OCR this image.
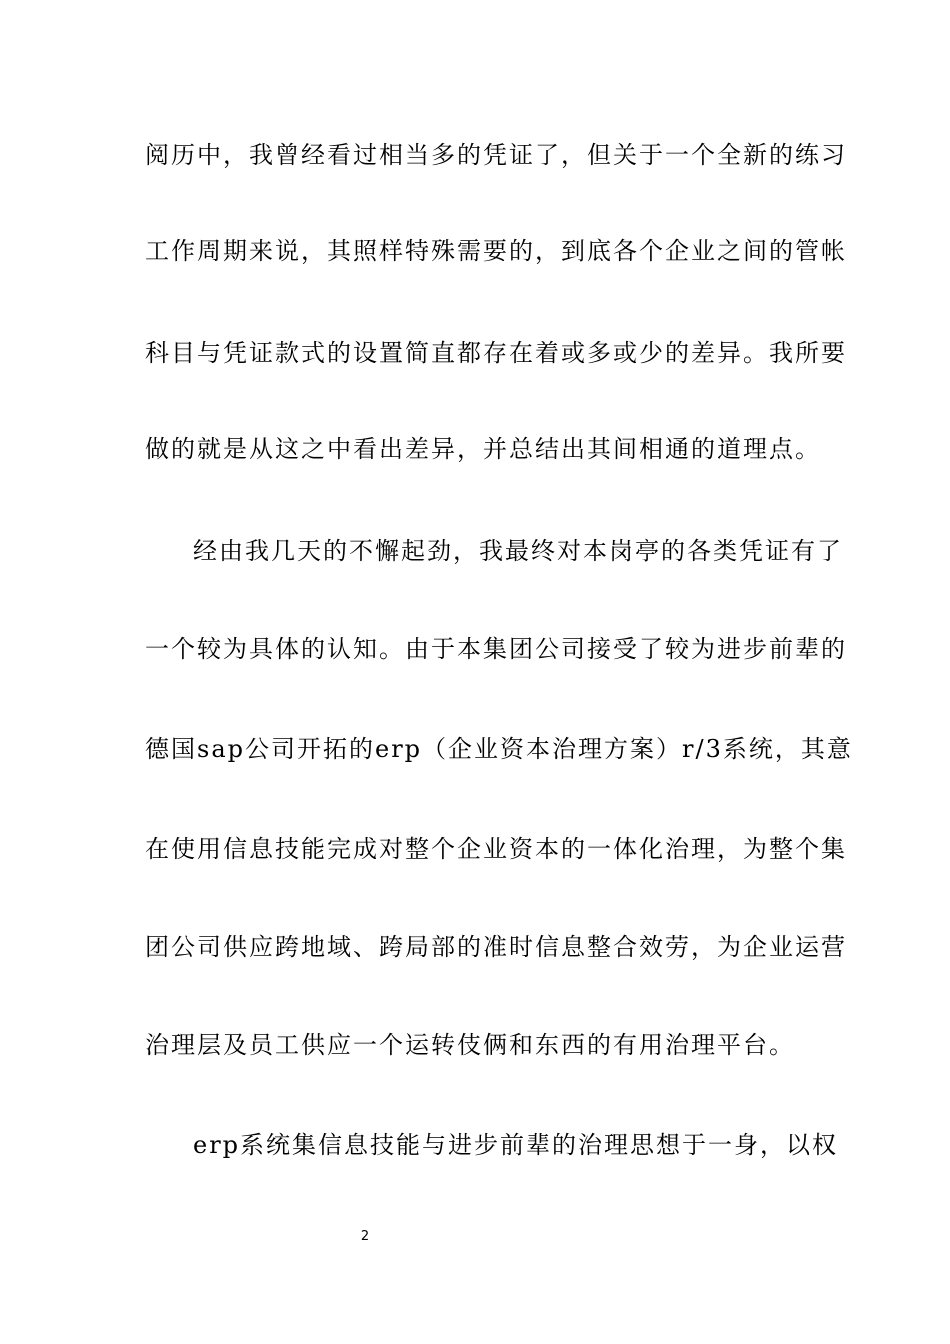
阅历中，我曾经看过相当多的凭证了，但关于一个全新的练习
工作周期来说，其照样特殊需要的，到底各个企业之间的管帐
科目与凭证款式的设置简直都存在着或多或少的差异。我所要
做的就是从这之中看出差异，并总结出其间相通的道理点。
经由我几天的不懈起劲，我最终对本岗亭的各类凭证有了
一个较为具体的认知。由于本集团公司接受了较为进步前辈的
德国sap公司开拓的erp（企业资本治理方案）r/3系统，其意
在使用信息技能完成对整个企业资本的一体化治理，为整个集
团公司供应跨地域、跨局部的准时信息整合效劳，为企业运营
治理层及员工供应一个运转伎俩和东西的有用治理平台。
erp系统集信息技能与进步前辈的治理思想于一身，以权
2
